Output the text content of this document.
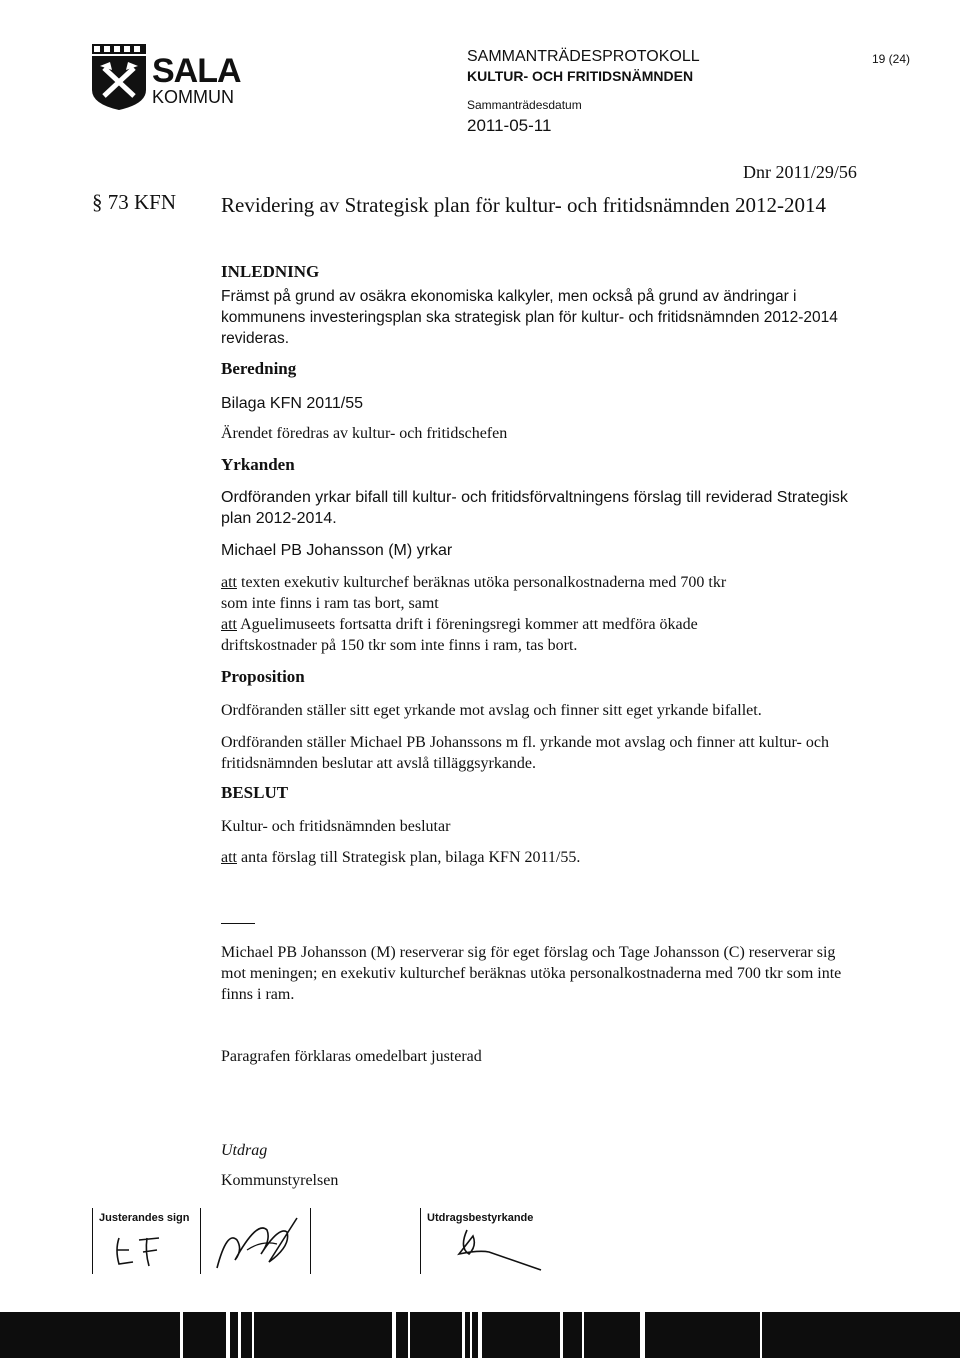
SALA
KOMMUN
SAMMANTRÄDESPROTOKOLL
KULTUR- OCH FRITIDSNÄMNDEN
Sammanträdesdatum
2011-05-11
19 (24)
Dnr 2011/29/56
§ 73 KFN Revidering av Strategisk plan för kultur- och fritidsnämnden 2012-2014
INLEDNING
Främst på grund av osäkra ekonomiska kalkyler, men också på grund av ändringar i kommunens investeringsplan ska strategisk plan för kultur- och fritidsnämnden 2012-2014 revideras.
Beredning
Bilaga KFN 2011/55
Ärendet föredras av kultur- och fritidschefen
Yrkanden
Ordföranden yrkar bifall till kultur- och fritidsförvaltningens förslag till reviderad Strategisk plan 2012-2014.
Michael PB Johansson (M) yrkar
att texten exekutiv kulturchef beräknas utöka personalkostnaderna med 700 tkr
som inte finns i ram tas bort, samt
att Aguelimuseets fortsatta drift i föreningsregi kommer att medföra ökade
driftskostnader på 150 tkr som inte finns i ram, tas bort.
Proposition
Ordföranden ställer sitt eget yrkande mot avslag och finner sitt eget yrkande bifallet.
Ordföranden ställer Michael PB Johanssons m fl. yrkande mot avslag och finner att kultur- och fritidsnämnden beslutar att avslå tilläggsyrkande.
BESLUT
Kultur- och fritidsnämnden beslutar
att anta förslag till Strategisk plan, bilaga KFN 2011/55.
Michael PB Johansson (M) reserverar sig för eget förslag och Tage Johansson (C) reserverar sig mot meningen; en exekutiv kulturchef beräknas utöka personalkostnaderna med 700 tkr som inte finns i ram.
Paragrafen förklaras omedelbart justerad
Utdrag
Kommunstyrelsen
Justerandes sign	Utdragsbestyrkande
